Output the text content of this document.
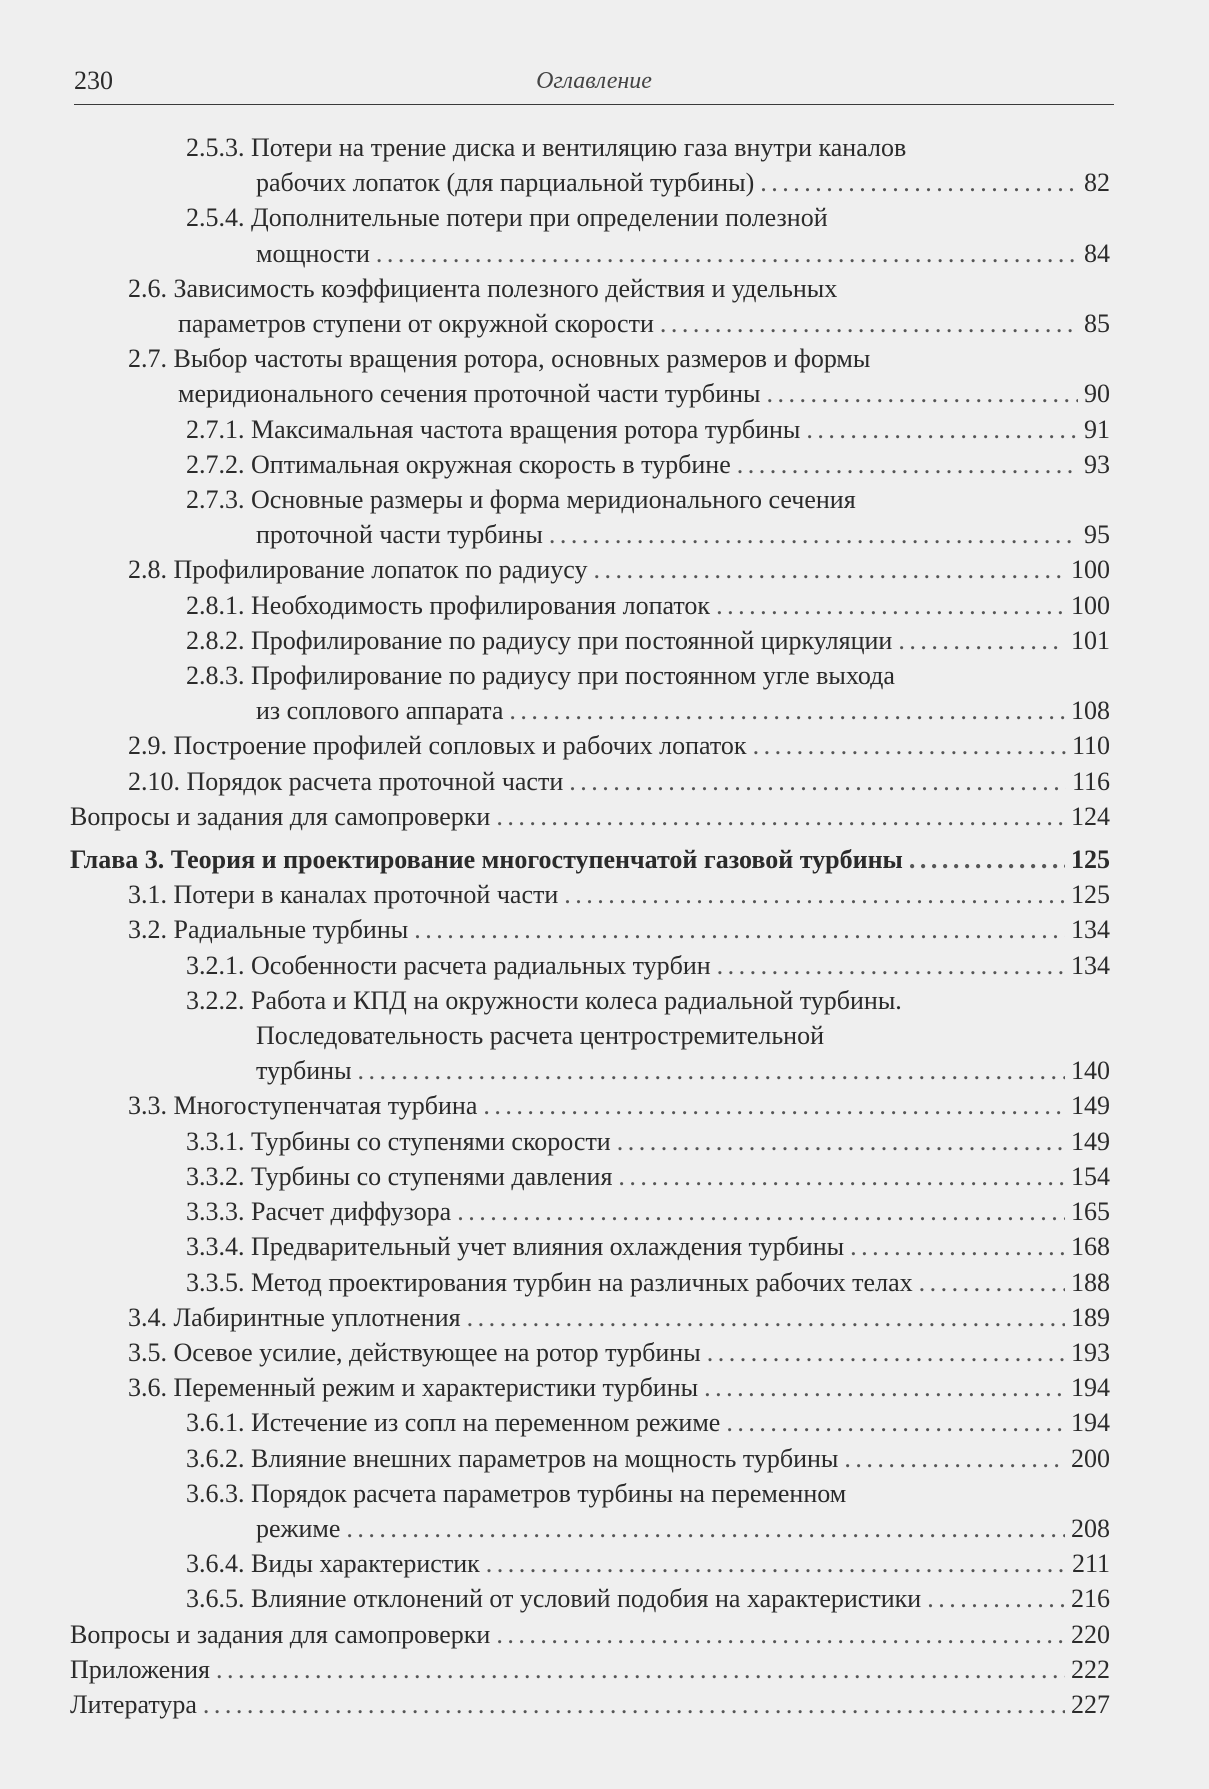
230	Оглавление
2.5.3. Потери на трение диска и вентиляцию газа внутри каналов
рабочих лопаток (для парциальной турбины) . . .	82
2.5.4. Дополнительные потери при определении полезной
мощности . . .	84
2.6. Зависимость коэффициента полезного действия и удельных
параметров ступени от окружной скорости . . .	85
2.7. Выбор частоты вращения ротора, основных размеров и формы
меридионального сечения проточной части турбины . . .	90
2.7.1. Максимальная частота вращения ротора турбины . . .	91
2.7.2. Оптимальная окружная скорость в турбине . . .	93
2.7.3. Основные размеры и форма меридионального сечения
проточной части турбины . . .	95
2.8. Профилирование лопаток по радиусу . . .	100
2.8.1. Необходимость профилирования лопаток . . .	100
2.8.2. Профилирование по радиусу при постоянной циркуляции . . .	101
2.8.3. Профилирование по радиусу при постоянном угле выхода
из соплового аппарата . . .	108
2.9. Построение профилей сопловых и рабочих лопаток . . .	110
2.10. Порядок расчета проточной части . . .	116
Вопросы и задания для самопроверки . . .	124
Глава 3. Теория и проектирование многоступенчатой газовой турбины . . .	125
3.1. Потери в каналах проточной части . . .	125
3.2. Радиальные турбины . . .	134
3.2.1. Особенности расчета радиальных турбин . . .	134
3.2.2. Работа и КПД на окружности колеса радиальной турбины.
Последовательность расчета центростремительной
турбины . . .	140
3.3. Многоступенчатая турбина . . .	149
3.3.1. Турбины со ступенями скорости . . .	149
3.3.2. Турбины со ступенями давления . . .	154
3.3.3. Расчет диффузора . . .	165
3.3.4. Предварительный учет влияния охлаждения турбины . . .	168
3.3.5. Метод проектирования турбин на различных рабочих телах . . .	188
3.4. Лабиринтные уплотнения . . .	189
3.5. Осевое усилие, действующее на ротор турбины . . .	193
3.6. Переменный режим и характеристики турбины . . .	194
3.6.1. Истечение из сопл на переменном режиме . . .	194
3.6.2. Влияние внешних параметров на мощность турбины . . .	200
3.6.3. Порядок расчета параметров турбины на переменном
режиме . . .	208
3.6.4. Виды характеристик . . .	211
3.6.5. Влияние отклонений от условий подобия на характеристики . . .	216
Вопросы и задания для самопроверки . . .	220
Приложения . . .	222
Литература . . .	227
